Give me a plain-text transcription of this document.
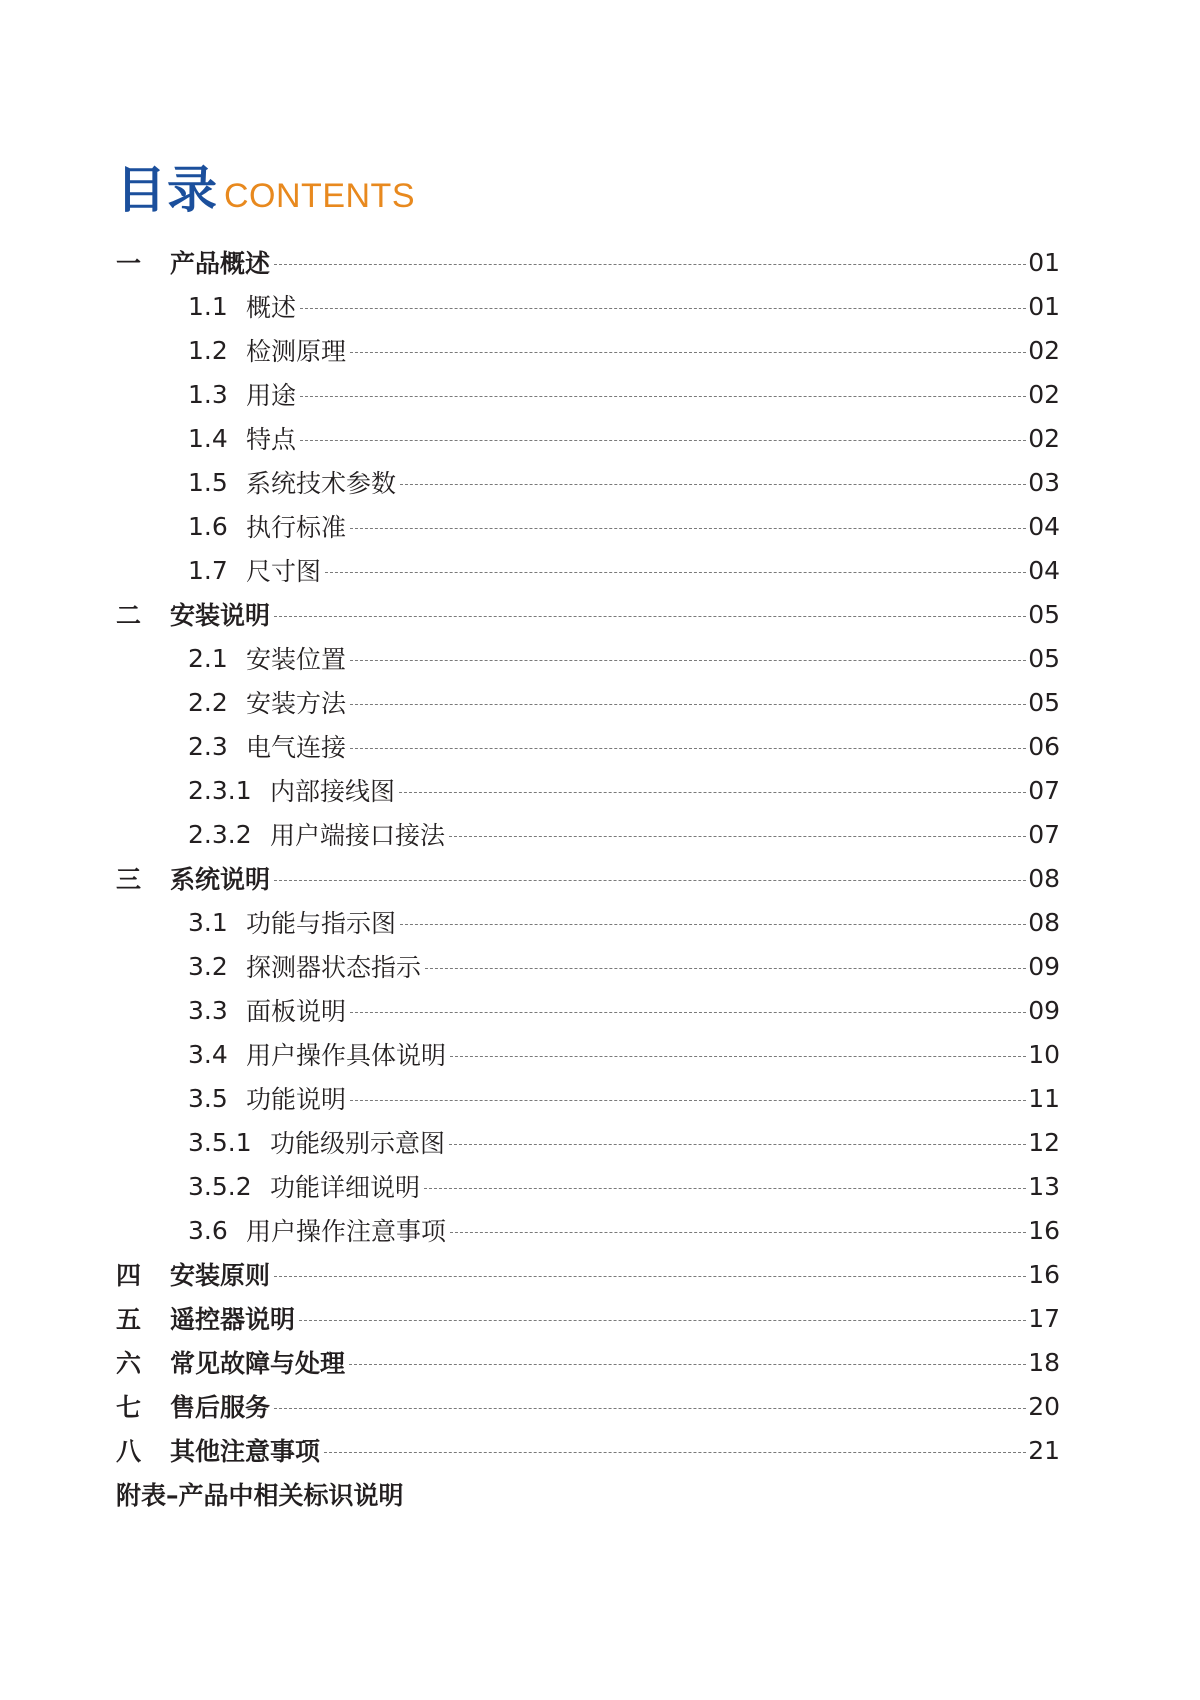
目录 CONTENTS
一	产品概述	01
1.1 概述	01
1.2 检测原理	02
1.3 用途	02
1.4 特点	02
1.5 系统技术参数	03
1.6 执行标准	04
1.7 尺寸图	04
二	安装说明	05
2.1 安装位置	05
2.2 安装方法	05
2.3 电气连接	06
2.3.1 内部接线图	07
2.3.2 用户端接口接法	07
三	系统说明	08
3.1 功能与指示图	08
3.2 探测器状态指示	09
3.3 面板说明	09
3.4 用户操作具体说明	10
3.5 功能说明	11
3.5.1 功能级别示意图	12
3.5.2 功能详细说明	13
3.6 用户操作注意事项	16
四	安装原则	16
五	遥控器说明	17
六	常见故障与处理	18
七	售后服务	20
八	其他注意事项	21
附表–产品中相关标识说明
